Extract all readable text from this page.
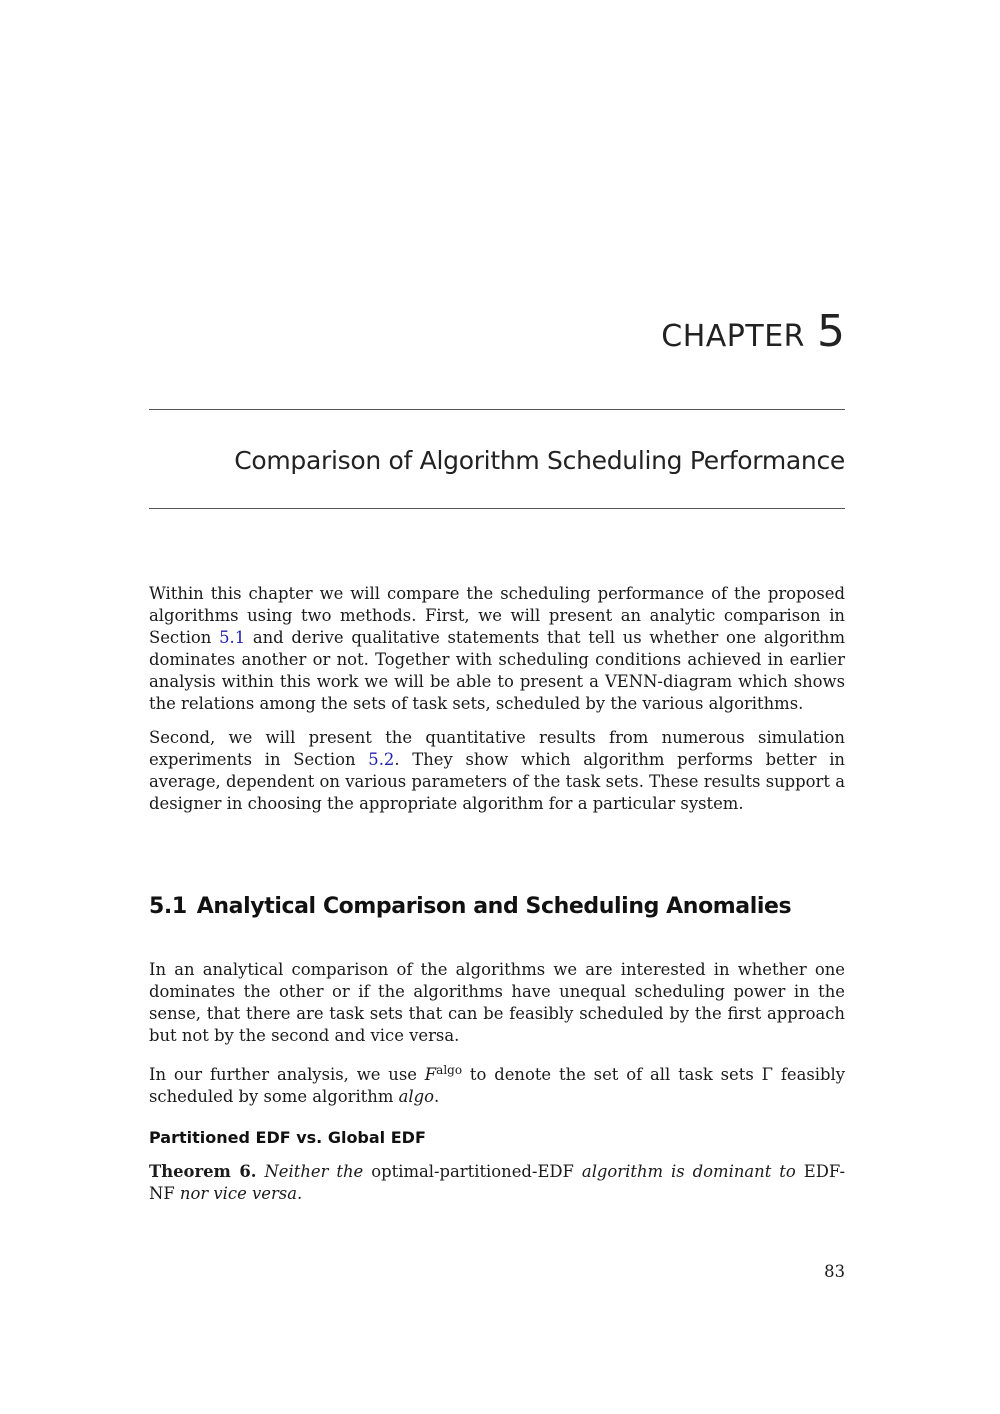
CHAPTER 5
Comparison of Algorithm Scheduling Performance

Within this chapter we will compare the scheduling performance of the proposed algorithms using two methods. First, we will present an analytic comparison in Section 5.1 and derive qualitative statements that tell us whether one algorithm dominates another or not. Together with scheduling conditions achieved in earlier analysis within this work we will be able to present a VENN-diagram which shows the relations among the sets of task sets, scheduled by the various algorithms.

Second, we will present the quantitative results from numerous simulation experiments in Section 5.2. They show which algorithm performs better in average, dependent on various parameters of the task sets. These results support a designer in choosing the appropriate algorithm for a particular system.

5.1 Analytical Comparison and Scheduling Anomalies

In an analytical comparison of the algorithms we are interested in whether one dominates the other or if the algorithms have unequal scheduling power in the sense, that there are task sets that can be feasibly scheduled by the first approach but not by the second and vice versa.

In our further analysis, we use $F^{algo}$ to denote the set of all task sets Γ feasibly scheduled by some algorithm algo.

Partitioned EDF vs. Global EDF

Theorem 6. Neither the optimal-partitioned-EDF algorithm is dominant to EDF-NF nor vice versa.

83
